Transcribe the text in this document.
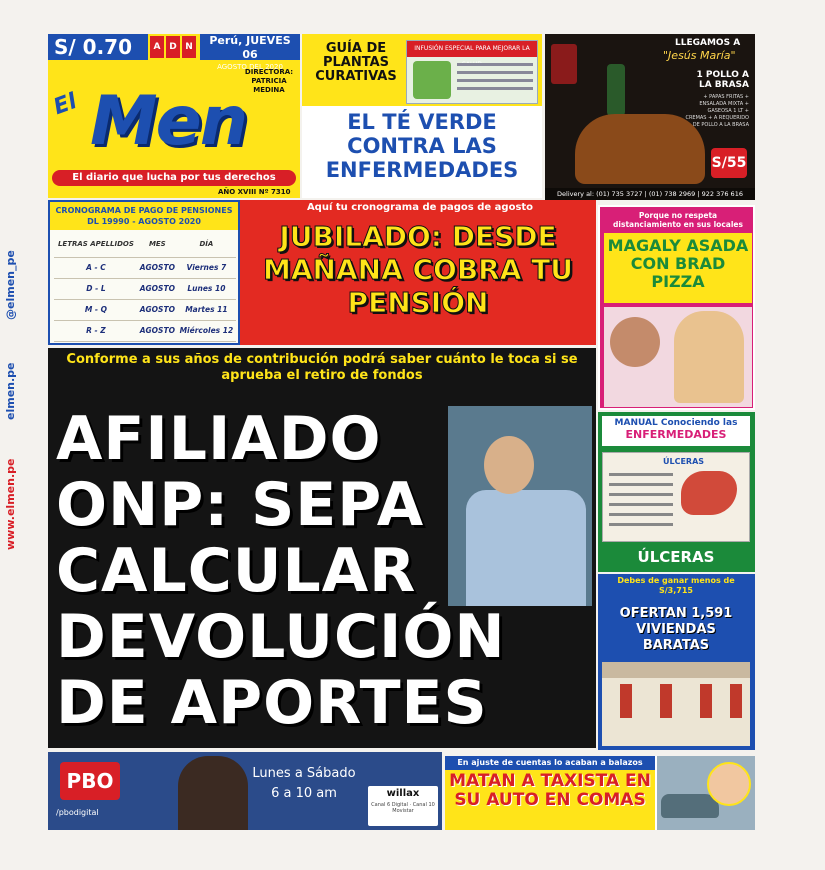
@elmen_pe
elmen.pe
www.elmen.pe
S/ 0.70	A D N	Perú, JUEVES 06
AGOSTO DEL 2020
El Men
DIRECTORA: PATRICIA MEDINA
El diario que lucha por tus derechos
AÑO XVIII Nº 7310
GUÍA DE PLANTAS CURATIVAS
INFUSIÓN ESPECIAL PARA MEJORAR LA
EL TÉ VERDE CONTRA LAS ENFERMEDADES
LLEGAMOS A
"Jesús María"
1 POLLO A LA BRASA
+ PAPAS FRITAS + ENSALADA MIXTA + GASEOSA 1 LT + CREMAS + A REQUERIDO DE POLLO A LA BRASA
S/55
Delivery al: (01) 735 3727 | (01) 738 2969 | 922 376 616
CRONOGRAMA DE PAGO DE PENSIONES DL 19990 - AGOSTO 2020
LETRAS APELLIDOS	MES	DÍA
A - C	AGOSTO	Viernes 7
D - L	AGOSTO	Lunes 10
M - Q	AGOSTO	Martes 11
R - Z	AGOSTO	Miércoles 12
Aquí tu cronograma de pagos de agosto
JUBILADO: DESDE MAÑANA COBRA TU PENSIÓN
Porque no respeta distanciamiento en sus locales
MAGALY ASADA CON BRAD PIZZA
Conforme a sus años de contribución podrá saber cuánto le toca si se aprueba el retiro de fondos
AFILIADO
ONP: SEPA
CALCULAR
DEVOLUCIÓN
DE APORTES
MANUAL Conociendo las
ENFERMEDADES
ÚLCERAS
ÚLCERAS
Debes de ganar menos de S/3,715
OFERTAN 1,591 VIVIENDAS BARATAS
PBO
/pbodigital
Lunes a Sábado
6 a 10 am	willax
Canal 6 Digital · Canal 10 Movistar
En ajuste de cuentas lo acaban a balazos
MATAN A TAXISTA EN SU AUTO EN COMAS
